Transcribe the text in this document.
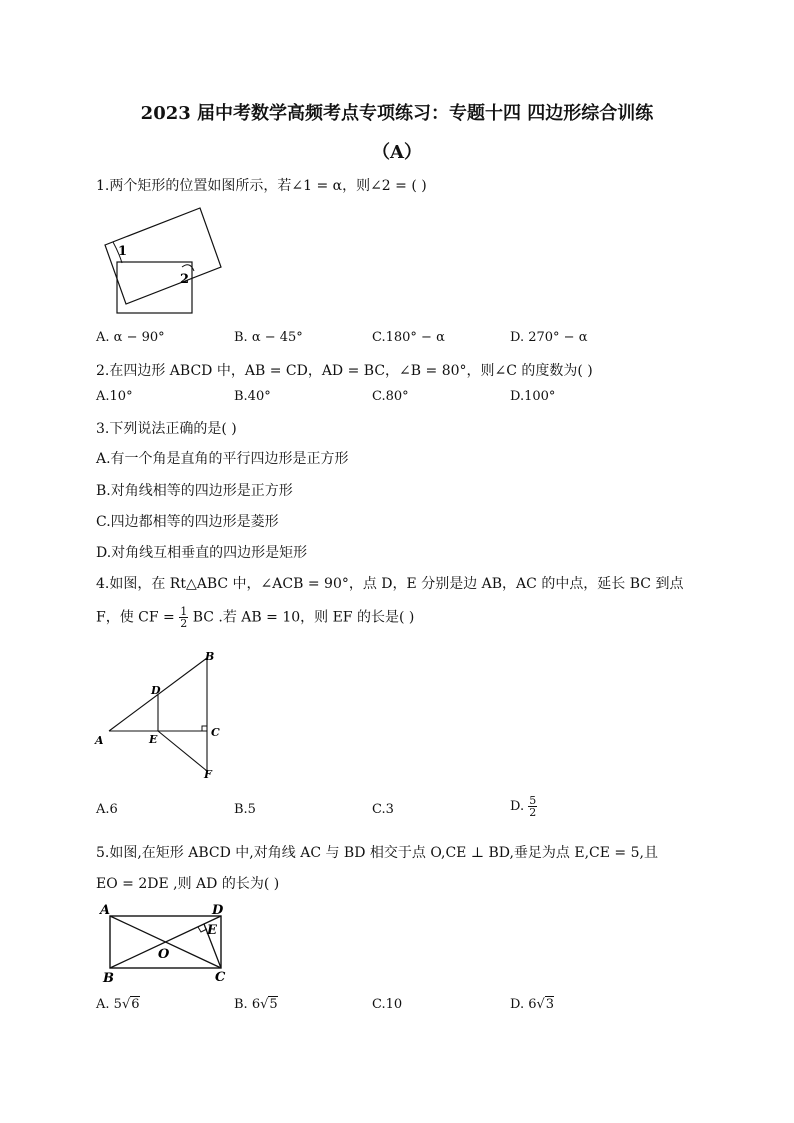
2023 届中考数学高频考点专项练习：专题十四 四边形综合训练
（A）
1.两个矩形的位置如图所示，若∠1 = α，则∠2 = ( )
1
2
A. α − 90°	B. α − 45°	C.180° − α	D. 270° − α
2.在四边形 ABCD 中，AB = CD，AD = BC，∠B = 80°，则∠C 的度数为( )
A.10°	B.40°	C.80°	D.100°
3.下列说法正确的是( )
A.有一个角是直角的平行四边形是正方形
B.对角线相等的四边形是正方形
C.四边都相等的四边形是菱形
D.对角线互相垂直的四边形是矩形
4.如图，在 Rt△ABC 中，∠ACB = 90°，点 D，E 分别是边 AB，AC 的中点，延长 BC 到点
F，使 CF = $\frac{1}{2}$ BC .若 AB = 10，则 EF 的长是( )
A
B
C
D
E
F
A.6	B.5	C.3	D. $\frac{5}{2}$
5.如图,在矩形 ABCD 中,对角线 AC 与 BD 相交于点 O,CE ⊥ BD,垂足为点 E,CE = 5,且
EO = 2DE ,则 AD 的长为( )
A
B	C
D
E
O
A. 5√6	B. 6√5	C.10	D. 6√3
